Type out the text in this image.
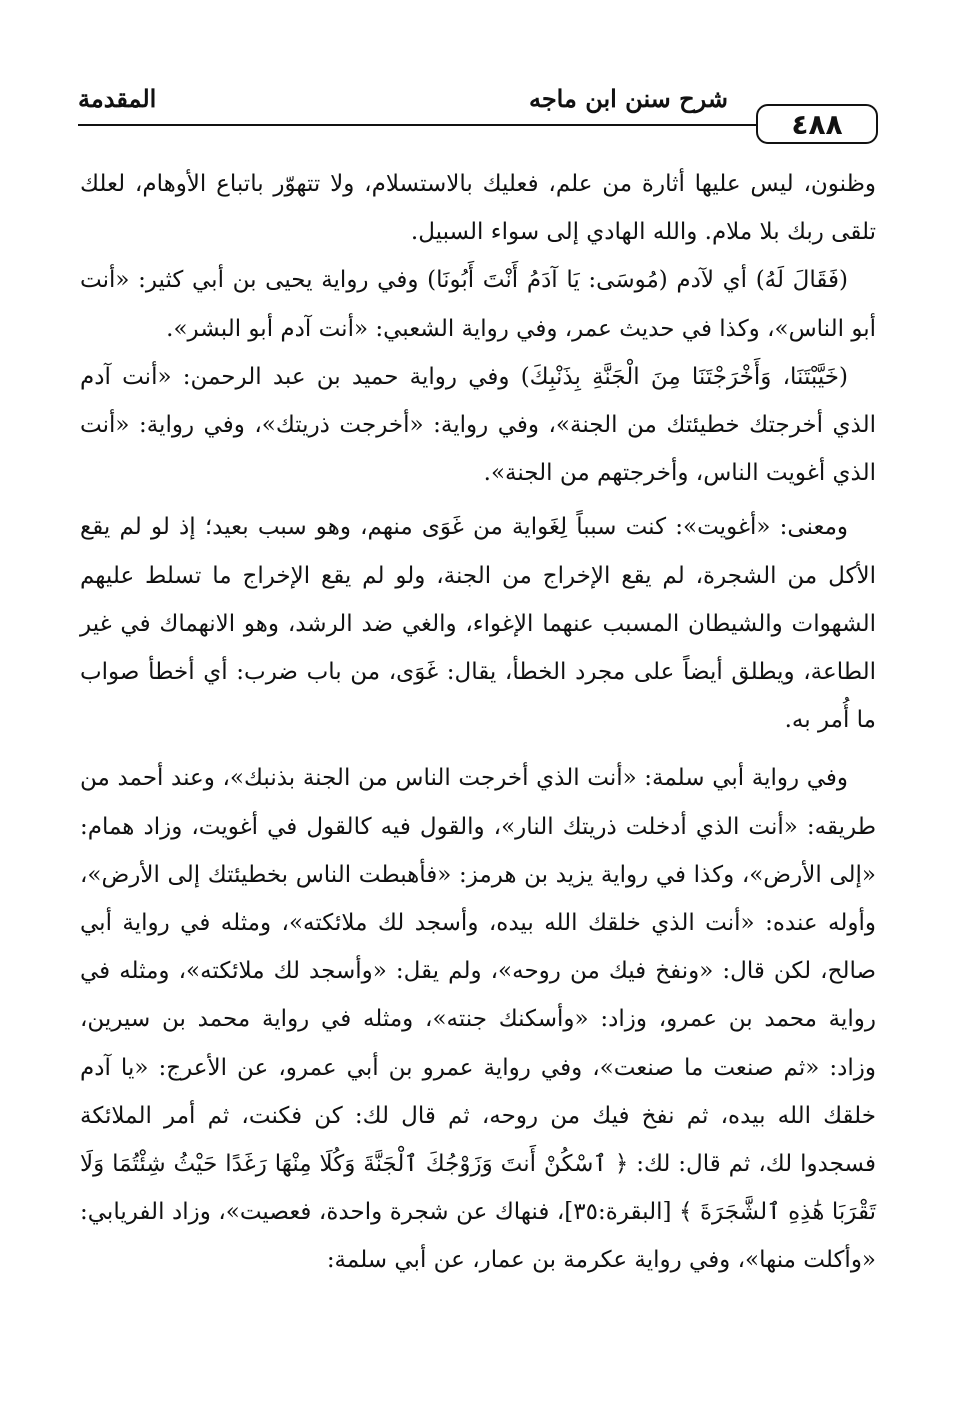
٤٨٨
شرح سنن ابن ماجه
المقدمة

وظنون، ليس عليها أثارة من علم، فعليك بالاستسلام، ولا تتهوّر باتباع الأوهام، لعلك تلقى ربك بلا ملام. والله الهادي إلى سواء السبيل.

(فَقَالَ لَهُ) أي لآدم (مُوسَى: يَا آدَمُ أَنْتَ أَبُونَا) وفي رواية يحيى بن أبي كثير: «أنت أبو الناس»، وكذا في حديث عمر، وفي رواية الشعبي: «أنت آدم أبو البشر».

(خَيَّبْتَنَا، وَأَخْرَجْتَنَا مِنَ الْجَنَّةِ بِذَنْبِكَ) وفي رواية حميد بن عبد الرحمن: «أنت آدم الذي أخرجتك خطيئتك من الجنة»، وفي رواية: «أخرجت ذريتك»، وفي رواية: «أنت الذي أغويت الناس، وأخرجتهم من الجنة».

ومعنى: «أغويت»: كنت سبباً لِغَواية من غَوَى منهم، وهو سبب بعيد؛ إذ لو لم يقع الأكل من الشجرة، لم يقع الإخراج من الجنة، ولو لم يقع الإخراج ما تسلط عليهم الشهوات والشيطان المسبب عنهما الإغواء، والغي ضد الرشد، وهو الانهماك في غير الطاعة، ويطلق أيضاً على مجرد الخطأ، يقال: غَوَى، من باب ضرب: أي أخطأ صواب ما أُمر به.

وفي رواية أبي سلمة: «أنت الذي أخرجت الناس من الجنة بذنبك»، وعند أحمد من طريقه: «أنت الذي أدخلت ذريتك النار»، والقول فيه كالقول في أغويت، وزاد همام: «إلى الأرض»، وكذا في رواية يزيد بن هرمز: «فأهبطت الناس بخطيئتك إلى الأرض»، وأوله عنده: «أنت الذي خلقك الله بيده، وأسجد لك ملائكته»، ومثله في رواية أبي صالح، لكن قال: «ونفخ فيك من روحه»، ولم يقل: «وأسجد لك ملائكته»، ومثله في رواية محمد بن عمرو، وزاد: «وأسكنك جنته»، ومثله في رواية محمد بن سيرين، وزاد: «ثم صنعت ما صنعت»، وفي رواية عمرو بن أبي عمرو، عن الأعرج: «يا آدم خلقك الله بيده، ثم نفخ فيك من روحه، ثم قال لك: كن فكنت، ثم أمر الملائكة فسجدوا لك، ثم قال: لك: ﴿ ٱسْكُنْ أَنتَ وَزَوْجُكَ ٱلْجَنَّةَ وَكُلَا مِنْهَا رَغَدًا حَيْثُ شِئْتُمَا وَلَا تَقْرَبَا هَٰذِهِ ٱلشَّجَرَةَ ﴾ [البقرة:٣٥]، فنهاك عن شجرة واحدة، فعصيت»، وزاد الفريابي: «وأكلت منها»، وفي رواية عكرمة بن عمار، عن أبي سلمة:
